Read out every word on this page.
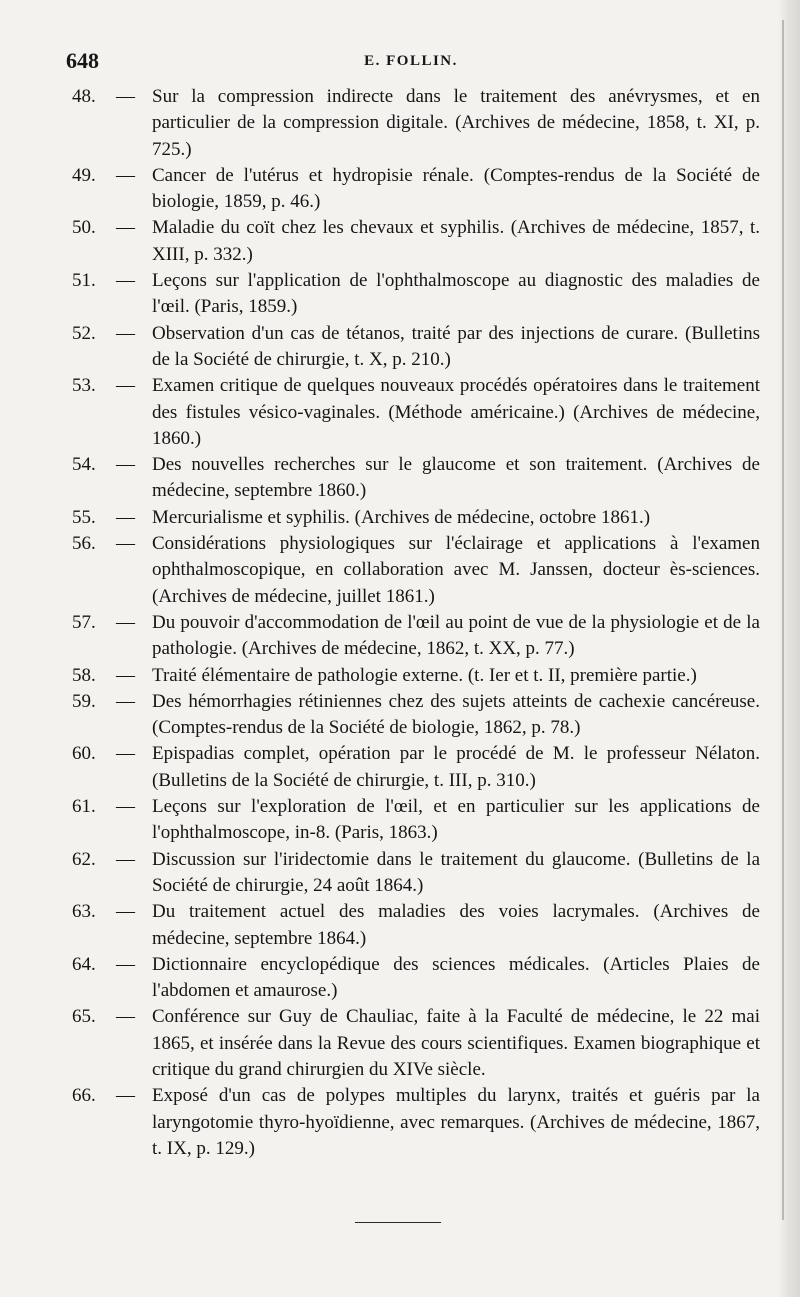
648	E. FOLLIN.

48.	— Sur la compression indirecte dans le traitement des anévrysmes, et en particulier de la compression digitale. (Archives de médecine, 1858, t. XI, p. 725.)

49.	— Cancer de l'utérus et hydropisie rénale. (Comptes-rendus de la Société de biologie, 1859, p. 46.)

50.	— Maladie du coït chez les chevaux et syphilis. (Archives de médecine, 1857, t. XIII, p. 332.)

51.	— Leçons sur l'application de l'ophthalmoscope au diagnostic des maladies de l'œil. (Paris, 1859.)

52.	— Observation d'un cas de tétanos, traité par des injections de curare. (Bulletins de la Société de chirurgie, t. X, p. 210.)

53.	— Examen critique de quelques nouveaux procédés opératoires dans le traitement des fistules vésico-vaginales. (Méthode américaine.) (Archives de médecine, 1860.)

54.	— Des nouvelles recherches sur le glaucome et son traitement. (Archives de médecine, septembre 1860.)

55.	— Mercurialisme et syphilis. (Archives de médecine, octobre 1861.)

56.	— Considérations physiologiques sur l'éclairage et applications à l'examen ophthalmoscopique, en collaboration avec M. Janssen, docteur ès-sciences. (Archives de médecine, juillet 1861.)

57.	— Du pouvoir d'accommodation de l'œil au point de vue de la physiologie et de la pathologie. (Archives de médecine, 1862, t. XX, p. 77.)

58.	— Traité élémentaire de pathologie externe. (t. Ier et t. II, première partie.)

59.	— Des hémorrhagies rétiniennes chez des sujets atteints de cachexie cancéreuse. (Comptes-rendus de la Société de biologie, 1862, p. 78.)

60.	— Epispadias complet, opération par le procédé de M. le professeur Nélaton. (Bulletins de la Société de chirurgie, t. III, p. 310.)

61.	— Leçons sur l'exploration de l'œil, et en particulier sur les applications de l'ophthalmoscope, in-8. (Paris, 1863.)

62.	— Discussion sur l'iridectomie dans le traitement du glaucome. (Bulletins de la Société de chirurgie, 24 août 1864.)

63.	— Du traitement actuel des maladies des voies lacrymales. (Archives de médecine, septembre 1864.)

64.	— Dictionnaire encyclopédique des sciences médicales. (Articles Plaies de l'abdomen et amaurose.)

65.	— Conférence sur Guy de Chauliac, faite à la Faculté de médecine, le 22 mai 1865, et insérée dans la Revue des cours scientifiques. Examen biographique et critique du grand chirurgien du XIVe siècle.

66.	— Exposé d'un cas de polypes multiples du larynx, traités et guéris par la laryngotomie thyro-hyoïdienne, avec remarques. (Archives de médecine, 1867, t. IX, p. 129.)
